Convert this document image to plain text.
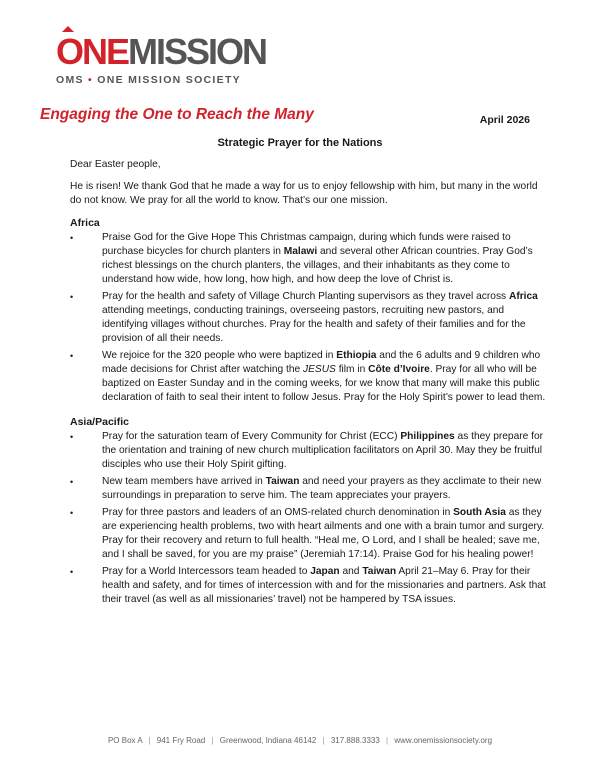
ONE MISSION
OMS • ONE MISSION SOCIETY
Engaging the One to Reach the Many	April 2026
Strategic Prayer for the Nations

Dear Easter people,

He is risen! We thank God that he made a way for us to enjoy fellowship with him, but many in the world do not know. We pray for all the world to know. That’s our one mission.

Africa
•	Praise God for the Give Hope This Christmas campaign, during which funds were raised to purchase bicycles for church planters in Malawi and several other African countries. Pray God’s richest blessings on the church planters, the villages, and their inhabitants as they come to understand how wide, how long, how high, and how deep the love of Christ is.
•	Pray for the health and safety of Village Church Planting supervisors as they travel across Africa attending meetings, conducting trainings, overseeing pastors, recruiting new pastors, and identifying villages without churches. Pray for the health and safety of their families and for the provision of all their needs.
•	We rejoice for the 320 people who were baptized in Ethiopia and the 6 adults and 9 children who made decisions for Christ after watching the JESUS film in Côte d’Ivoire. Pray for all who will be baptized on Easter Sunday and in the coming weeks, for we know that many will make this public declaration of faith to seal their intent to follow Jesus. Pray for the Holy Spirit’s power to lead them.
Asia/Pacific
•	Pray for the saturation team of Every Community for Christ (ECC) Philippines as they prepare for the orientation and training of new church multiplication facilitators on April 30. May they be fruitful disciples who use their Holy Spirit gifting.
•	New team members have arrived in Taiwan and need your prayers as they acclimate to their new surroundings in preparation to serve him. The team appreciates your prayers.
•	Pray for three pastors and leaders of an OMS-related church denomination in South Asia as they are experiencing health problems, two with heart ailments and one with a brain tumor and surgery. Pray for their recovery and return to full health. “Heal me, O Lord, and I shall be healed; save me, and I shall be saved, for you are my praise” (Jeremiah 17:14). Praise God for his healing power!
•	Pray for a World Intercessors team headed to Japan and Taiwan April 21–May 6. Pray for their health and safety, and for times of intercession with and for the missionaries and partners. Ask that their travel (as well as all missionaries’ travel) not be hampered by TSA issues.
PO Box A | 941 Fry Road | Greenwood, Indiana 46142 | 317.888.3333 | www.onemissionsociety.org
